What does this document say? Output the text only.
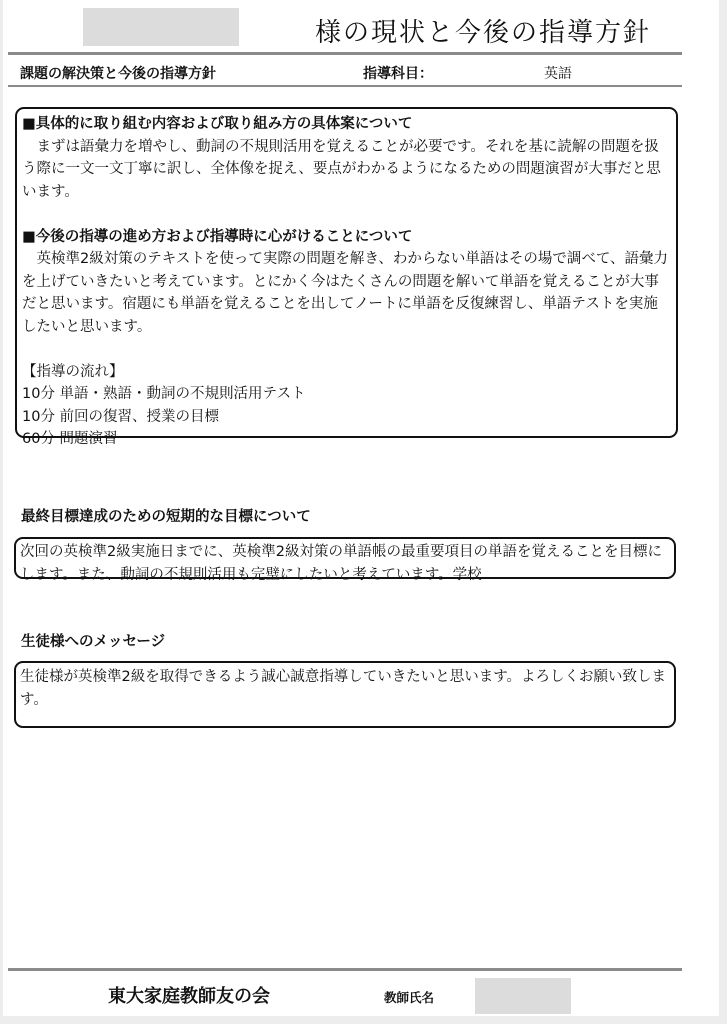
様の現状と今後の指導方針
課題の解決策と今後の指導方針	指導科目：	英語

■具体的に取り組む内容および取り組み方の具体案について

まずは語彙力を増やし、動詞の不規則活用を覚えることが必要です。それを基に読解の問題を扱う際に一文一文丁寧に訳し、全体像を捉え、要点がわかるようになるための問題演習が大事だと思います。

■今後の指導の進め方および指導時に心がけることについて

英検準2級対策のテキストを使って実際の問題を解き、わからない単語はその場で調べて、語彙力を上げていきたいと考えています。とにかく今はたくさんの問題を解いて単語を覚えることが大事だと思います。宿題にも単語を覚えることを出してノートに単語を反復練習し、単語テストを実施したいと思います。

【指導の流れ】

10分 単語・熟語・動詞の不規則活用テスト

10分 前回の復習、授業の目標

60分 問題演習

最終目標達成のための短期的な目標について

次回の英検準2級実施日までに、英検準2級対策の単語帳の最重要項目の単語を覚えることを目標にします。また、動詞の不規則活用も完璧にしたいと考えています。学校

生徒様へのメッセージ

生徒様が英検準2級を取得できるよう誠心誠意指導していきたいと思います。よろしくお願い致します。

東大家庭教師友の会	教師氏名
